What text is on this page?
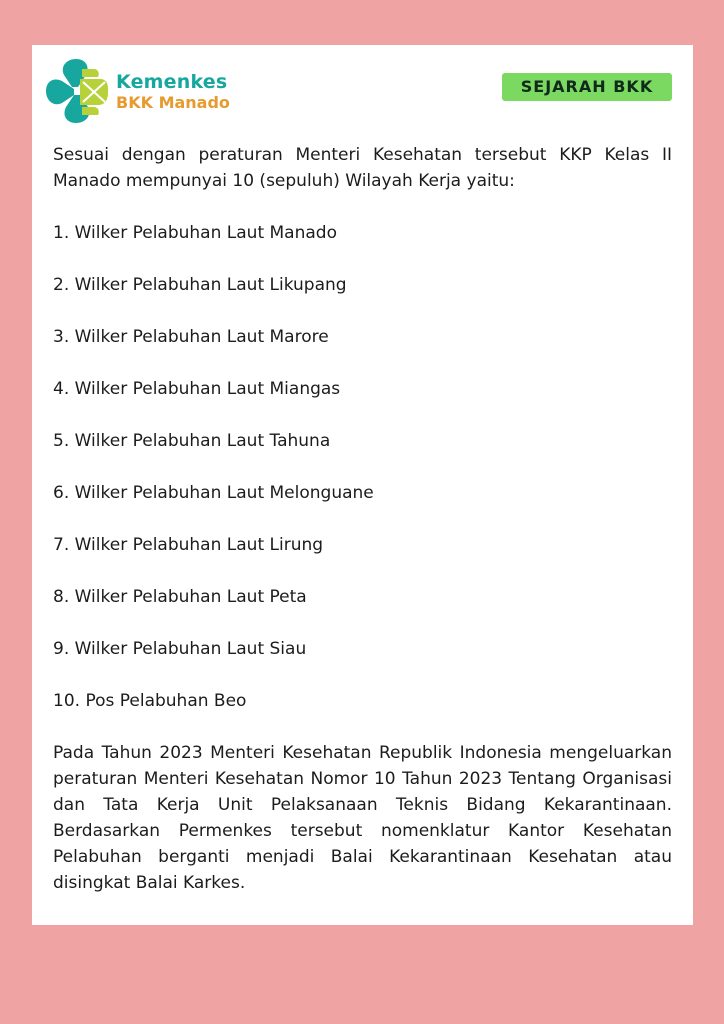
Kemenkes
BKK Manado
SEJARAH BKK

Sesuai dengan peraturan Menteri Kesehatan tersebut KKP Kelas II Manado mempunyai 10 (sepuluh) Wilayah Kerja yaitu:

1. Wilker Pelabuhan Laut Manado
2. Wilker Pelabuhan Laut Likupang
3. Wilker Pelabuhan Laut Marore
4. Wilker Pelabuhan Laut Miangas
5. Wilker Pelabuhan Laut Tahuna
6. Wilker Pelabuhan Laut Melonguane
7. Wilker Pelabuhan Laut Lirung
8. Wilker Pelabuhan Laut Peta
9. Wilker Pelabuhan Laut Siau
10. Pos Pelabuhan Beo

Pada Tahun 2023 Menteri Kesehatan Republik Indonesia mengeluarkan peraturan Menteri Kesehatan Nomor 10 Tahun 2023 Tentang Organisasi dan Tata Kerja Unit Pelaksanaan Teknis Bidang Kekarantinaan. Berdasarkan Permenkes tersebut nomenklatur Kantor Kesehatan Pelabuhan berganti menjadi Balai Kekarantinaan Kesehatan atau disingkat Balai Karkes.
